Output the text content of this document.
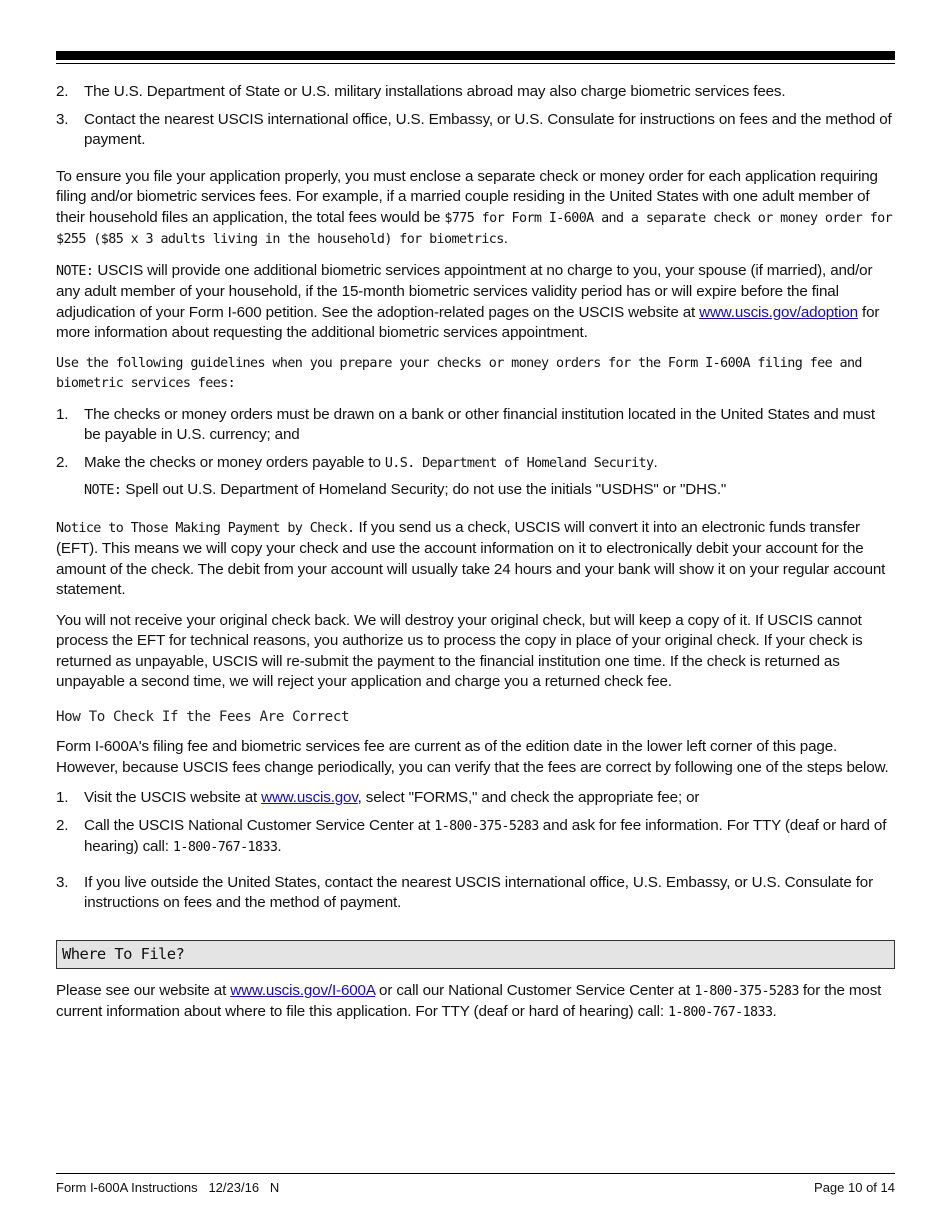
2.	The U.S. Department of State or U.S. military installations abroad may also charge biometric services fees.
3.	Contact the nearest USCIS international office, U.S. Embassy, or U.S. Consulate for instructions on fees and the method of payment.

To ensure you file your application properly, you must enclose a separate check or money order for each application requiring filing and/or biometric services fees. For example, if a married couple residing in the United States with one adult member of their household files an application, the total fees would be $775 for Form I-600A and a separate check or money order for $255 ($85 x 3 adults living in the household) for biometrics.

NOTE: USCIS will provide one additional biometric services appointment at no charge to you, your spouse (if married), and/or any adult member of your household, if the 15-month biometric services validity period has or will expire before the final adjudication of your Form I-600 petition. See the adoption-related pages on the USCIS website at www.uscis.gov/adoption for more information about requesting the additional biometric services appointment.

Use the following guidelines when you prepare your checks or money orders for the Form I-600A filing fee and biometric services fees:

1.	The checks or money orders must be drawn on a bank or other financial institution located in the United States and must be payable in U.S. currency; and
2.	Make the checks or money orders payable to U.S. Department of Homeland Security.

NOTE: Spell out U.S. Department of Homeland Security; do not use the initials "USDHS" or "DHS."

Notice to Those Making Payment by Check. If you send us a check, USCIS will convert it into an electronic funds transfer (EFT). This means we will copy your check and use the account information on it to electronically debit your account for the amount of the check. The debit from your account will usually take 24 hours and your bank will show it on your regular account statement.

You will not receive your original check back. We will destroy your original check, but will keep a copy of it. If USCIS cannot process the EFT for technical reasons, you authorize us to process the copy in place of your original check. If your check is returned as unpayable, USCIS will re-submit the payment to the financial institution one time. If the check is returned as unpayable a second time, we will reject your application and charge you a returned check fee.

How To Check If the Fees Are Correct

Form I-600A's filing fee and biometric services fee are current as of the edition date in the lower left corner of this page. However, because USCIS fees change periodically, you can verify that the fees are correct by following one of the steps below.

1.	Visit the USCIS website at www.uscis.gov, select "FORMS," and check the appropriate fee; or
2.	Call the USCIS National Customer Service Center at 1-800-375-5283 and ask for fee information. For TTY (deaf or hard of hearing) call: 1-800-767-1833.
3.	If you live outside the United States, contact the nearest USCIS international office, U.S. Embassy, or U.S. Consulate for instructions on fees and the method of payment.
Where To File?

Please see our website at www.uscis.gov/I-600A or call our National Customer Service Center at 1-800-375-5283 for the most current information about where to file this application. For TTY (deaf or hard of hearing) call: 1-800-767-1833.

Form I-600A Instructions   12/23/16   N	Page 10 of 14
